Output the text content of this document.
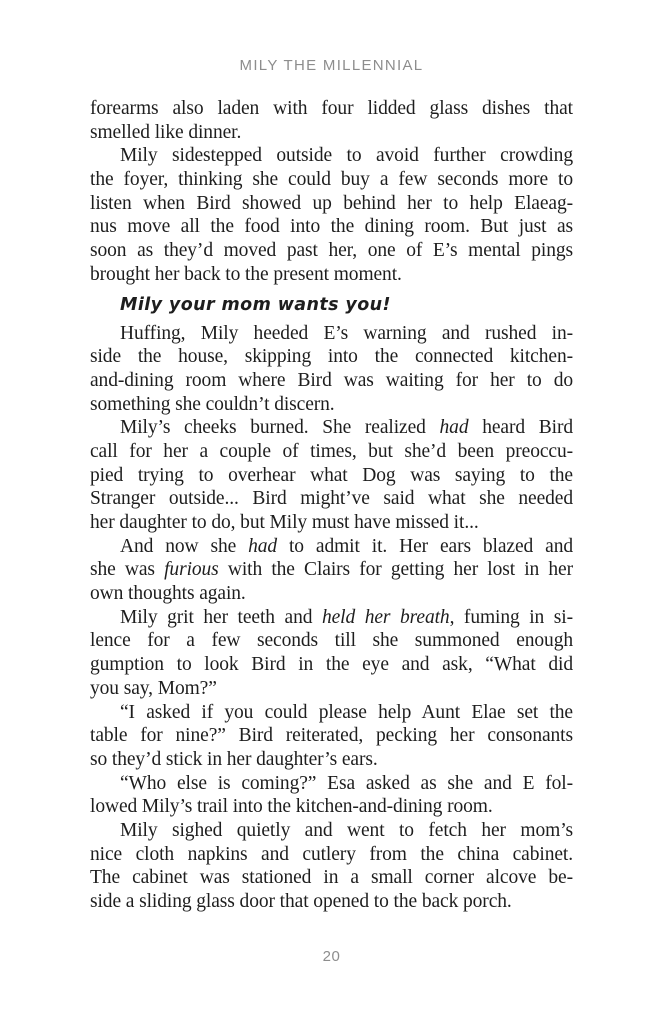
MILY THE MILLENNIAL
forearms also laden with four lidded glass dishes that
smelled like dinner.
Mily sidestepped outside to avoid further crowding
the foyer, thinking she could buy a few seconds more to
listen when Bird showed up behind her to help Elaeag-
nus move all the food into the dining room. But just as
soon as they’d moved past her, one of E’s mental pings
brought her back to the present moment.
Mily your mom wants you!
Huffing, Mily heeded E’s warning and rushed in-
side the house, skipping into the connected kitchen-
and-dining room where Bird was waiting for her to do
something she couldn’t discern.
Mily’s cheeks burned. She realized had heard Bird
call for her a couple of times, but she’d been preoccu-
pied trying to overhear what Dog was saying to the
Stranger outside... Bird might’ve said what she needed
her daughter to do, but Mily must have missed it...
And now she had to admit it. Her ears blazed and
she was furious with the Clairs for getting her lost in her
own thoughts again.
Mily grit her teeth and held her breath, fuming in si-
lence for a few seconds till she summoned enough
gumption to look Bird in the eye and ask, “What did
you say, Mom?”
“I asked if you could please help Aunt Elae set the
table for nine?” Bird reiterated, pecking her consonants
so they’d stick in her daughter’s ears.
“Who else is coming?” Esa asked as she and E fol-
lowed Mily’s trail into the kitchen-and-dining room.
Mily sighed quietly and went to fetch her mom’s
nice cloth napkins and cutlery from the china cabinet.
The cabinet was stationed in a small corner alcove be-
side a sliding glass door that opened to the back porch.
20
